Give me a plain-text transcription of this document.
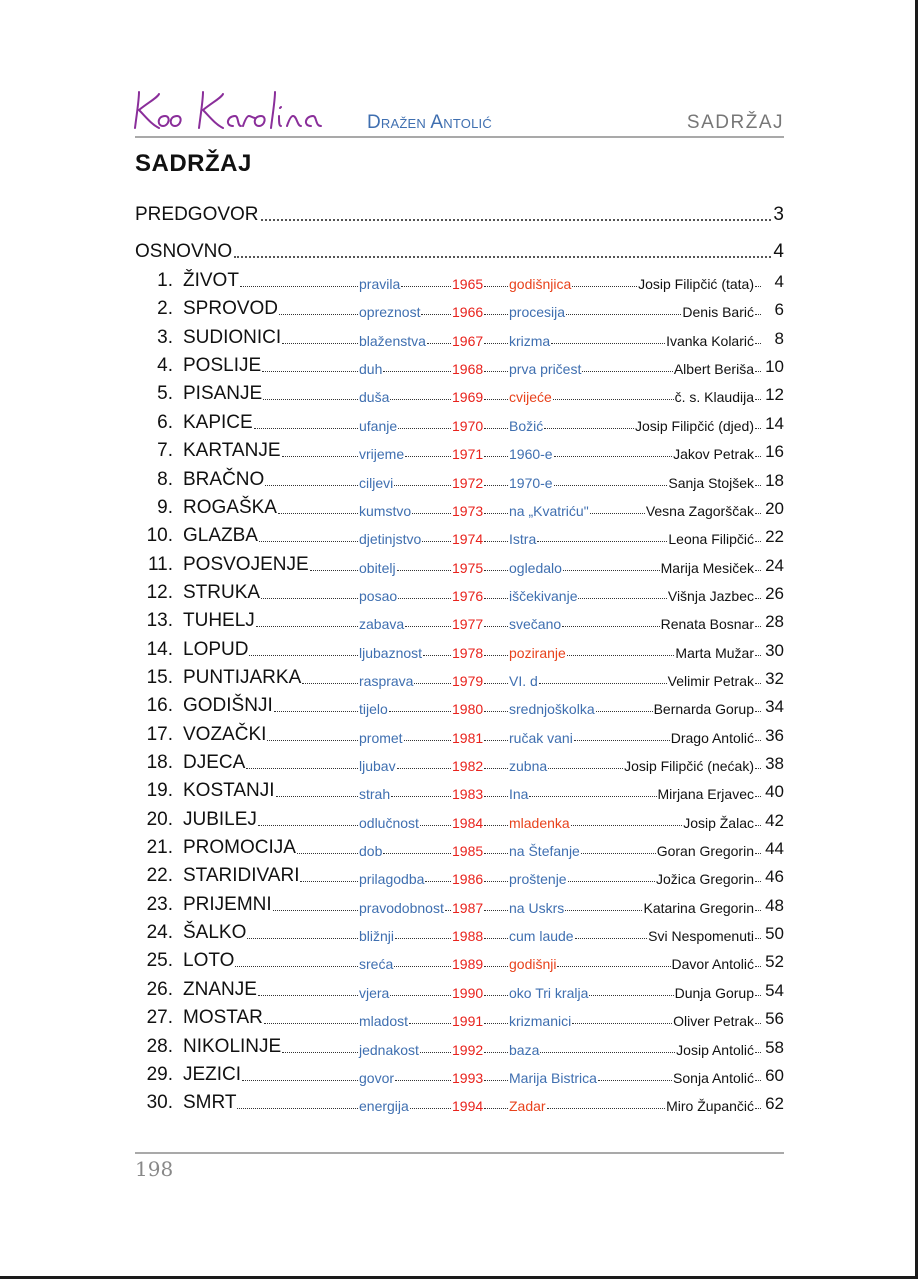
Dražen Antolić	SADRŽAJ
SADRŽAJ
PREDGOVOR	3
OSNOVNO	4
1. ŽIVOT	pravila	1965 godišnjica	Josip Filipčić (tata)	4
2. SPROVOD	opreznost 1966 procesija	Denis Barić	6
3. SUDIONICI	blaženstva 1967 krizma	Ivanka Kolarić	8
4. POSLIJE	duh	1968 prva pričest	Albert Beriša 10
5. PISANJE	duša	1969 cvijeće	č. s. Klaudija 12
6. KAPICE	ufanje	1970 Božić	Josip Filipčić (djed) 14
7. KARTANJE	vrijeme	1971 1960-e	Jakov Petrak 16
8. BRAČNO	ciljevi	1972 1970-e	Sanja Stojšek 18
9. ROGAŠKA	kumstvo	1973 na „Kvatriću"	Vesna Zagorščak 20
10. GLAZBA	djetinjstvo 1974 Istra	Leona Filipčić 22
11. POSVOJENJE	obitelj	1975 ogledalo	Marija Mesiček 24
12. STRUKA	posao	1976 iščekivanje	Višnja Jazbec 26
13. TUHELJ	zabava	1977 svečano	Renata Bosnar 28
14. LOPUD	ljubaznost 1978 poziranje	Marta Mužar 30
15. PUNTIJARKA	rasprava	1979 VI. d	Velimir Petrak 32
16. GODIŠNJI	tijelo	1980 srednjoškolka	Bernarda Gorup 34
17. VOZAČKI	promet	1981 ručak vani	Drago Antolić 36
18. DJECA	ljubav	1982 zubna	Josip Filipčić (nećak) 38
19. KOSTANJI	strah	1983 Ina	Mirjana Erjavec 40
20. JUBILEJ	odlučnost 1984 mladenka	Josip Žalac 42
21. PROMOCIJA	dob	1985 na Štefanje	Goran Gregorin 44
22. STARIDIVARI	prilagodba 1986 proštenje	Jožica Gregorin 46
23. PRIJEMNI	pravodobnost 1987 na Uskrs	Katarina Gregorin 48
24. ŠALKO	bližnji	1988 cum laude	Svi Nespomenuti 50
25. LOTO	sreća	1989 godišnji	Davor Antolić 52
26. ZNANJE	vjera	1990 oko Tri kralja	Dunja Gorup 54
27. MOSTAR	mladost	1991 krizmanici	Oliver Petrak 56
28. NIKOLINJE	jednakost 1992 baza	Josip Antolić 58
29. JEZICI	govor	1993 Marija Bistrica	Sonja Antolić 60
30. SMRT	energija	1994 Zadar	Miro Župančić 62
198
